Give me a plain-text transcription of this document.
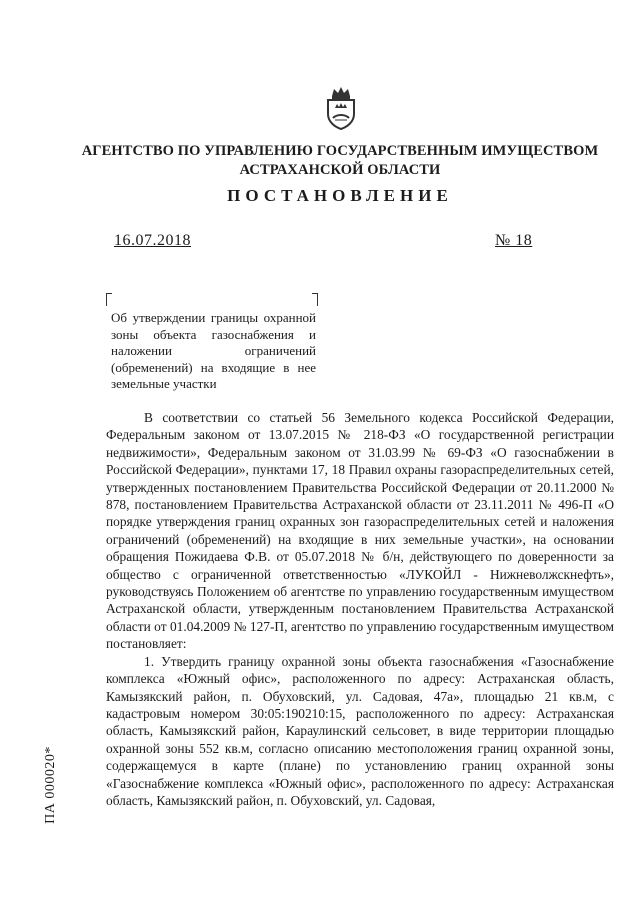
АГЕНТСТВО ПО УПРАВЛЕНИЮ ГОСУДАРСТВЕННЫМ ИМУЩЕСТВОМ
АСТРАХАНСКОЙ ОБЛАСТИ
ПОСТАНОВЛЕНИЕ
16.07.2018	№ 18
Об утверждении границы охранной зоны объекта газоснабжения и наложении ограничений (обременений) на входящие в нее земельные участки

В соответствии со статьей 56 Земельного кодекса Российской Федерации, Федеральным законом от 13.07.2015 № 218-ФЗ «О государственной регистрации недвижимости», Федеральным законом от 31.03.99 № 69-ФЗ «О газоснабжении в Российской Федерации», пунктами 17, 18 Правил охраны газораспределительных сетей, утвержденных постановлением Правительства Российской Федерации от 20.11.2000 № 878, постановлением Правительства Астраханской области от 23.11.2011 № 496-П «О порядке утверждения границ охранных зон газораспределительных сетей и наложения ограничений (обременений) на входящие в них земельные участки», на основании обращения Пожидаева Ф.В. от 05.07.2018 № б/н, действующего по доверенности за общество с ограниченной ответственностью «ЛУКОЙЛ - Нижневолжскнефть», руководствуясь Положением об агентстве по управлению государственным имуществом Астраханской области, утвержденным постановлением Правительства Астраханской области от 01.04.2009 № 127-П, агентство по управлению государственным имуществом постановляет:

1. Утвердить границу охранной зоны объекта газоснабжения «Газоснабжение комплекса «Южный офис», расположенного по адресу: Астраханская область, Камызякский район, п. Обуховский, ул. Садовая, 47а», площадью 21 кв.м, с кадастровым номером 30:05:190210:15, расположенного по адресу: Астраханская область, Камызякский район, Караулинский сельсовет, в виде территории площадью охранной зоны 552 кв.м, согласно описанию местоположения границ охранной зоны, содержащемуся в карте (плане) по установлению границ охранной зоны «Газоснабжение комплекса «Южный офис», расположенного по адресу: Астраханская область, Камызякский район, п. Обуховский, ул. Садовая,

ПА 000020*
